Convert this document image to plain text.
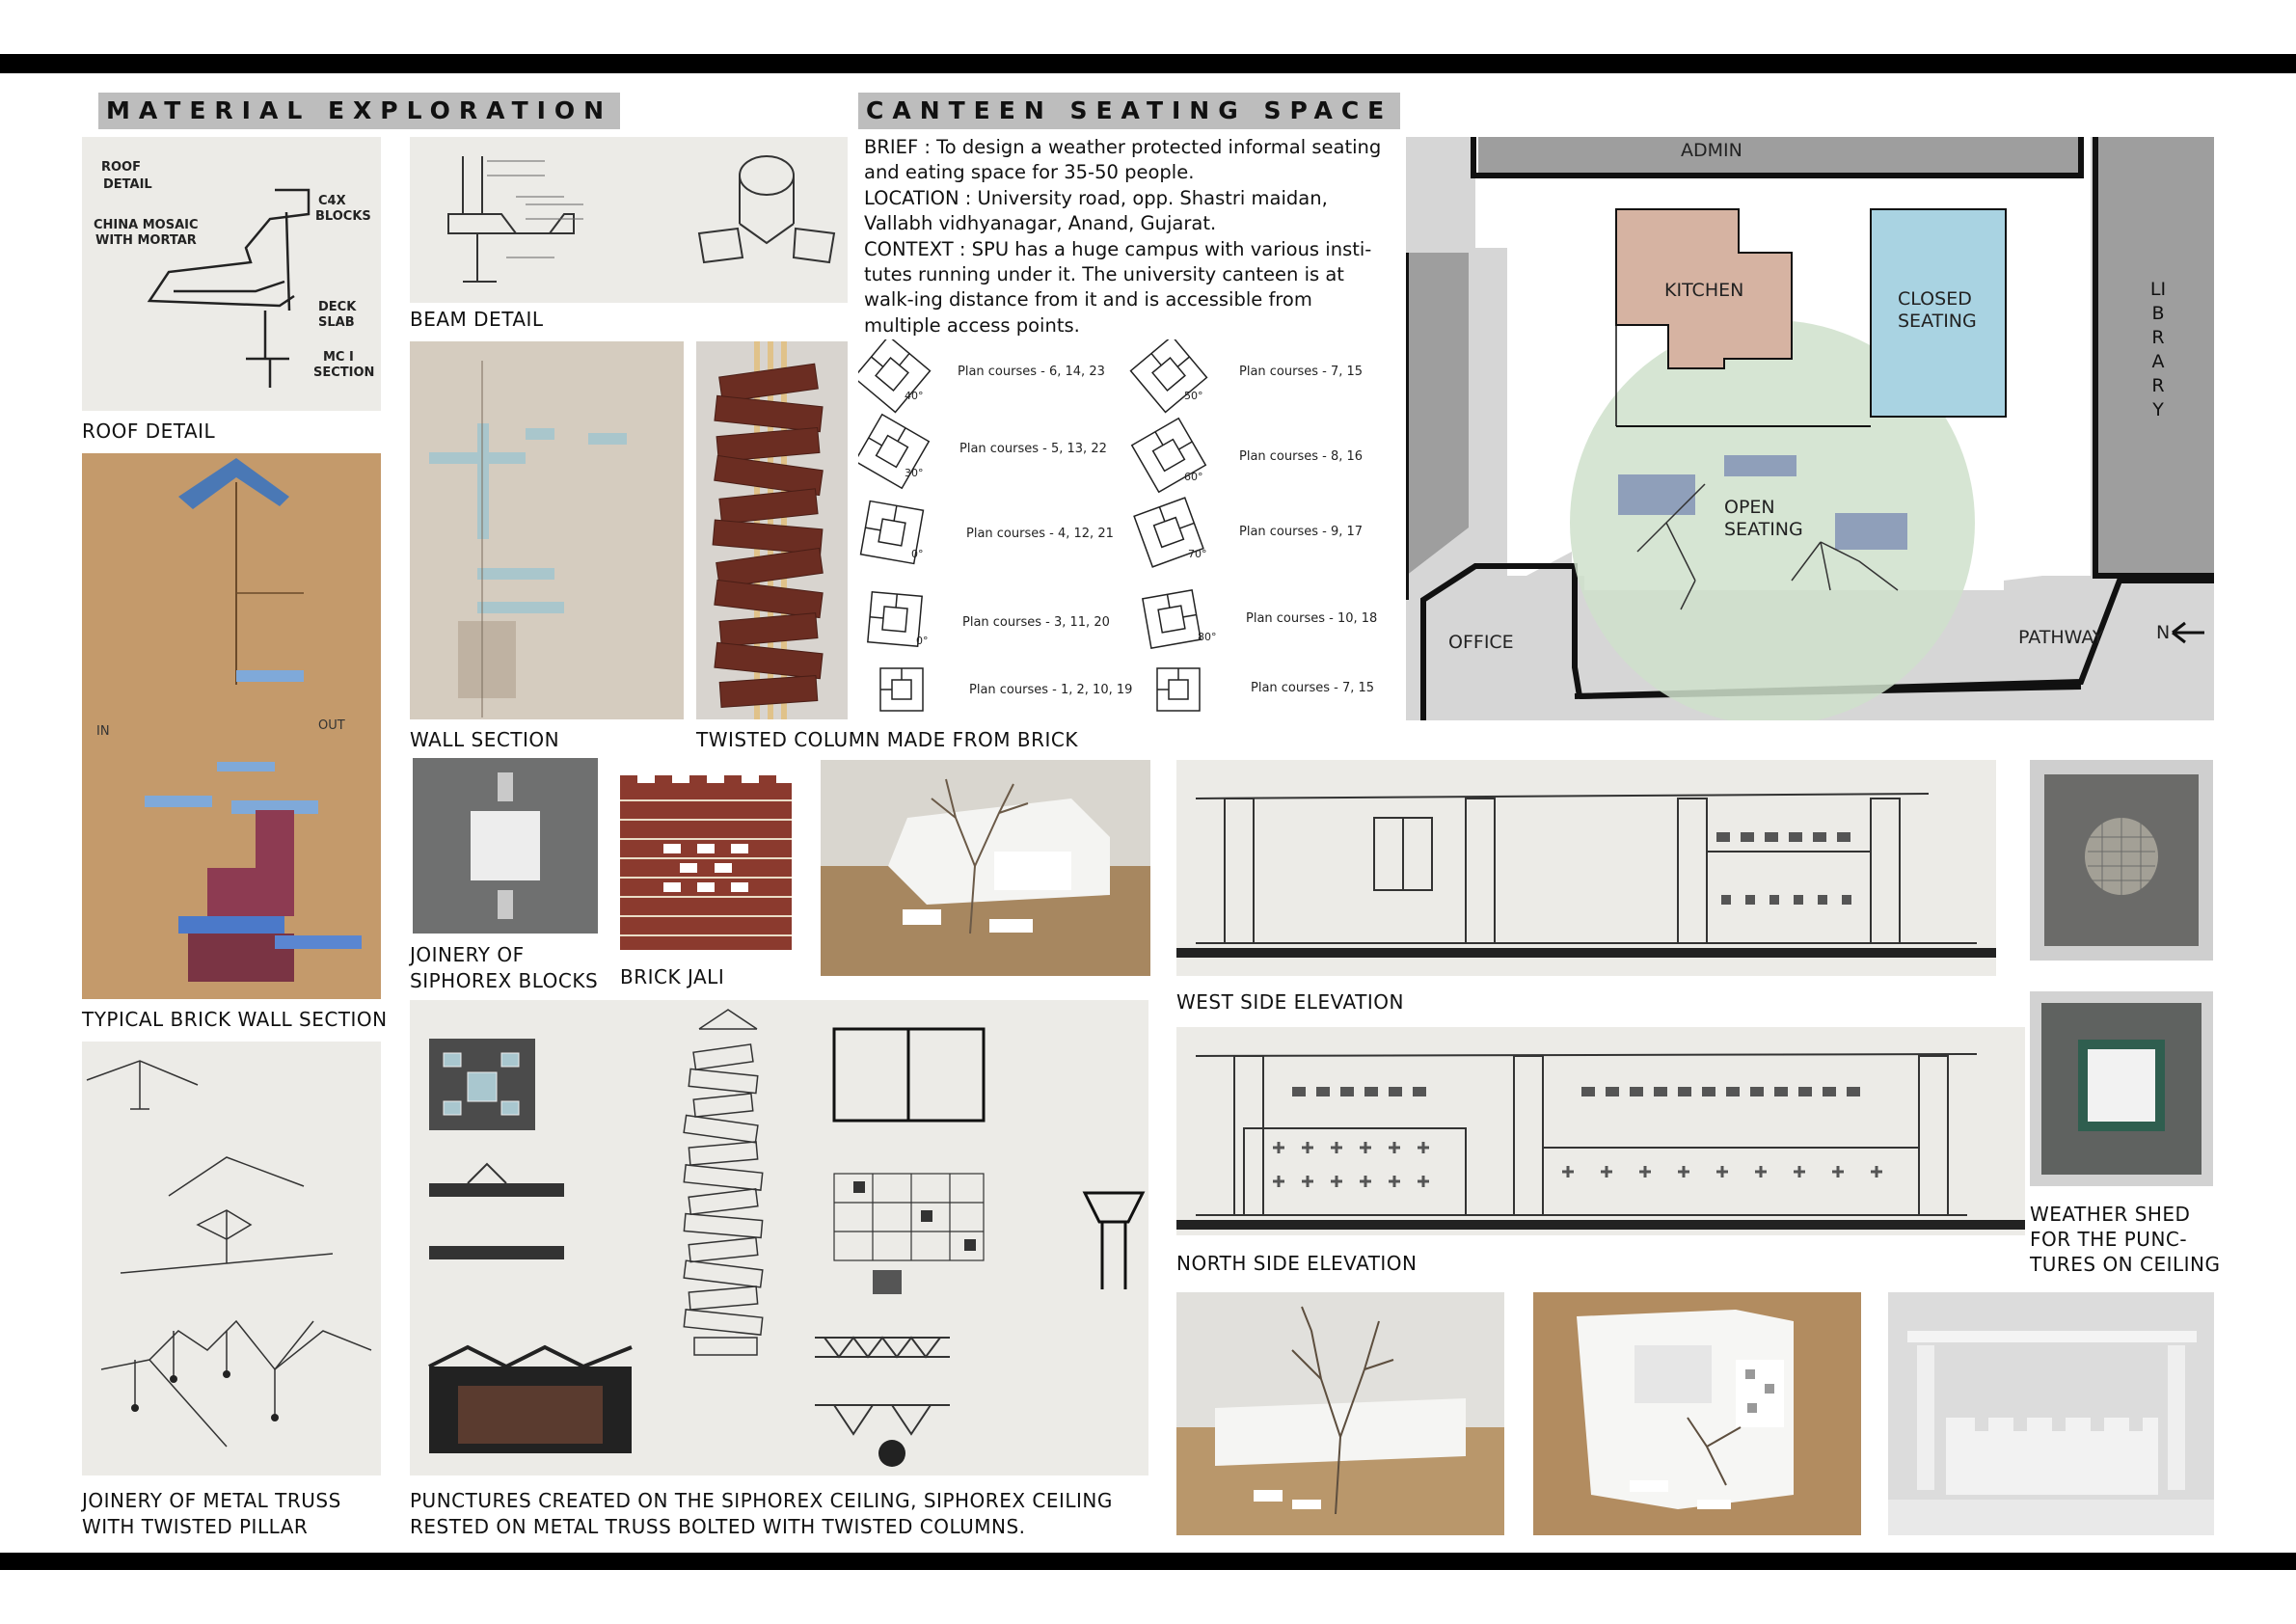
MATERIAL EXPLORATION	CANTEEN SEATING SPACE
ROOF
DETAIL
CHINA MOSAIC
WITH MORTAR
C4X
BLOCKS
DECK
SLAB
MC I
SECTION
ROOF DETAIL
BEAM DETAIL
IN	OUT
TYPICAL BRICK WALL SECTION
WALL SECTION	TWISTED COLUMN MADE FROM BRICK

BRIEF : To design a weather protected informal seating and eating space for 35-50 people.

LOCATION : University road, opp. Shastri maidan, Vallabh vidhyanagar, Anand, Gujarat.

CONTEXT : SPU has a huge campus with various insti-tutes running under it. The university canteen is at walk-ing distance from it and is accessible from multiple access points.

40°
30°
0°
0°
50°
60°
70°
80°
Plan courses - 6, 14, 23
Plan courses - 5, 13, 22
Plan courses - 4, 12, 21
Plan courses - 3, 11, 20
Plan courses - 1, 2, 10, 19
Plan courses - 7, 15
Plan courses - 8, 16
Plan courses - 9, 17
Plan courses - 10, 18
Plan courses - 7, 15
ADMIN
KITCHEN	CLOSED
SEATING
OPEN
SEATING
OFFICE	PATHWAY	N
LIBRARY
JOINERY OF
SIPHOREX BLOCKS BRICK JALI
WEST SIDE ELEVATION
NORTH SIDE ELEVATION
WEATHER SHED
FOR THE PUNC-
TURES ON CEILING
JOINERY OF METAL TRUSS
WITH TWISTED PILLAR
PUNCTURES CREATED ON THE SIPHOREX CEILING, SIPHOREX CEILING
RESTED ON METAL TRUSS BOLTED WITH TWISTED COLUMNS.
